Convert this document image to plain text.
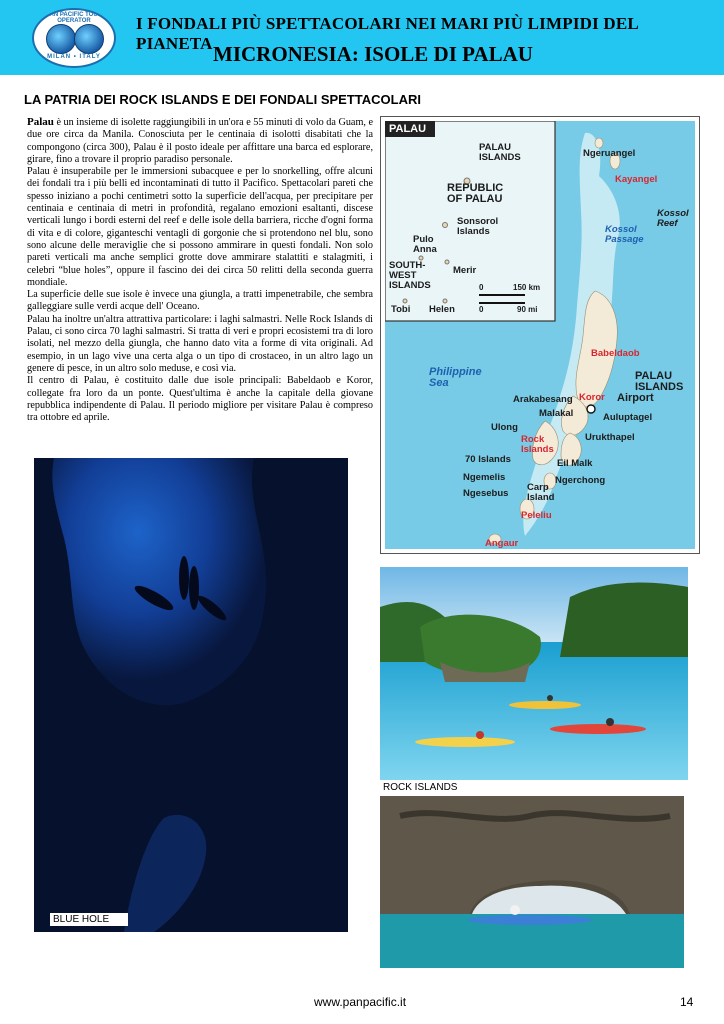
PAN PACIFIC TOUR OPERATOR
MILAN • ITALY
I FONDALI PIÙ SPETTACOLARI NEI MARI PIÙ LIMPIDI DEL PIANETA MICRONESIA: ISOLE DI PALAU
LA PATRIA DEI ROCK ISLANDS E DEI FONDALI SPETTACOLARI

Palau è un insieme di isolette raggiungibili in un'ora e 55 minuti di volo da Guam, e due ore circa da Manila. Conosciuta per le centinaia di isolotti disabitati che la compongono (circa 300), Palau è il posto ideale per affittare una barca ed esplorare, girare, fino a trovare il proprio paradiso personale.

Palau è insuperabile per le immersioni subacquee e per lo snorkelling, offre alcuni dei fondali tra i più belli ed incontaminati di tutto il Pacifico. Spettacolari pareti che spesso iniziano a pochi centimetri sotto la superficie dell'acqua, per precipitare per centinaia e centinaia di metri in profondità, regalano emozioni esaltanti, discese verticali lungo i bordi esterni del reef e delle isole della barriera, ricche d'ogni forma di vita e di colore, giganteschi ventagli di gorgonie che si protendono nel blu, sono sono alcune delle meraviglie che si possono ammirare in questi fondali. Non solo pareti verticali ma anche semplici grotte dove ammirare stalattiti e stalagmiti, i celebri “blue holes”, oppure il fascino dei dei circa 50 relitti della seconda guerra mondiale.

La superficie delle sue isole è invece una giungla, a tratti impenetrabile, che sembra galleggiare sulle verdi acque dell' Oceano.

Palau ha inoltre un'altra attrattiva particolare: i laghi salmastri. Nelle Rock Islands di Palau, ci sono circa 70 laghi salmastri. Si tratta di veri e propri ecosistemi tra di loro isolati, nel mezzo della giungla, che hanno dato vita a forme di vita originali. Ad esempio, in un lago vive una certa alga o un tipo di crostaceo, in un altro lago un genere di pesce, in un altro solo meduse, e così via.

Il centro di Palau, è costituito dalle due isole principali: Babeldaob e Koror, collegate fra loro da un ponte. Quest'ultima è anche la capitale della giovane repubblica indipendente di Palau. Il periodo migliore per visitare Palau è compreso tra ottobre ed aprile.

PALAU
PALAU
ISLANDS
REPUBLIC
OF PALAU
Sonsorol
Islands
Pulo
Anna
SOUTH-
WEST
ISLANDS
Merir
Tobi Helen
0	150 km
0	90 mi
Ngeruangel
Kayangel
Kossol
Passage
Kossol
Reef
Babeldaob
Philippine
Sea
PALAU
ISLANDS
Arakabesang Koror Airport
Malakal	Auluptagel
Ulong
Rock
Islands
Urukthapel
70 Islands	Eil Malk
Ngemelis	Ngerchong
Ngesebus
Carp
Island
Peleliu
Angaur
BLUE HOLE
ROCK ISLANDS
www.panpacific.it	14
